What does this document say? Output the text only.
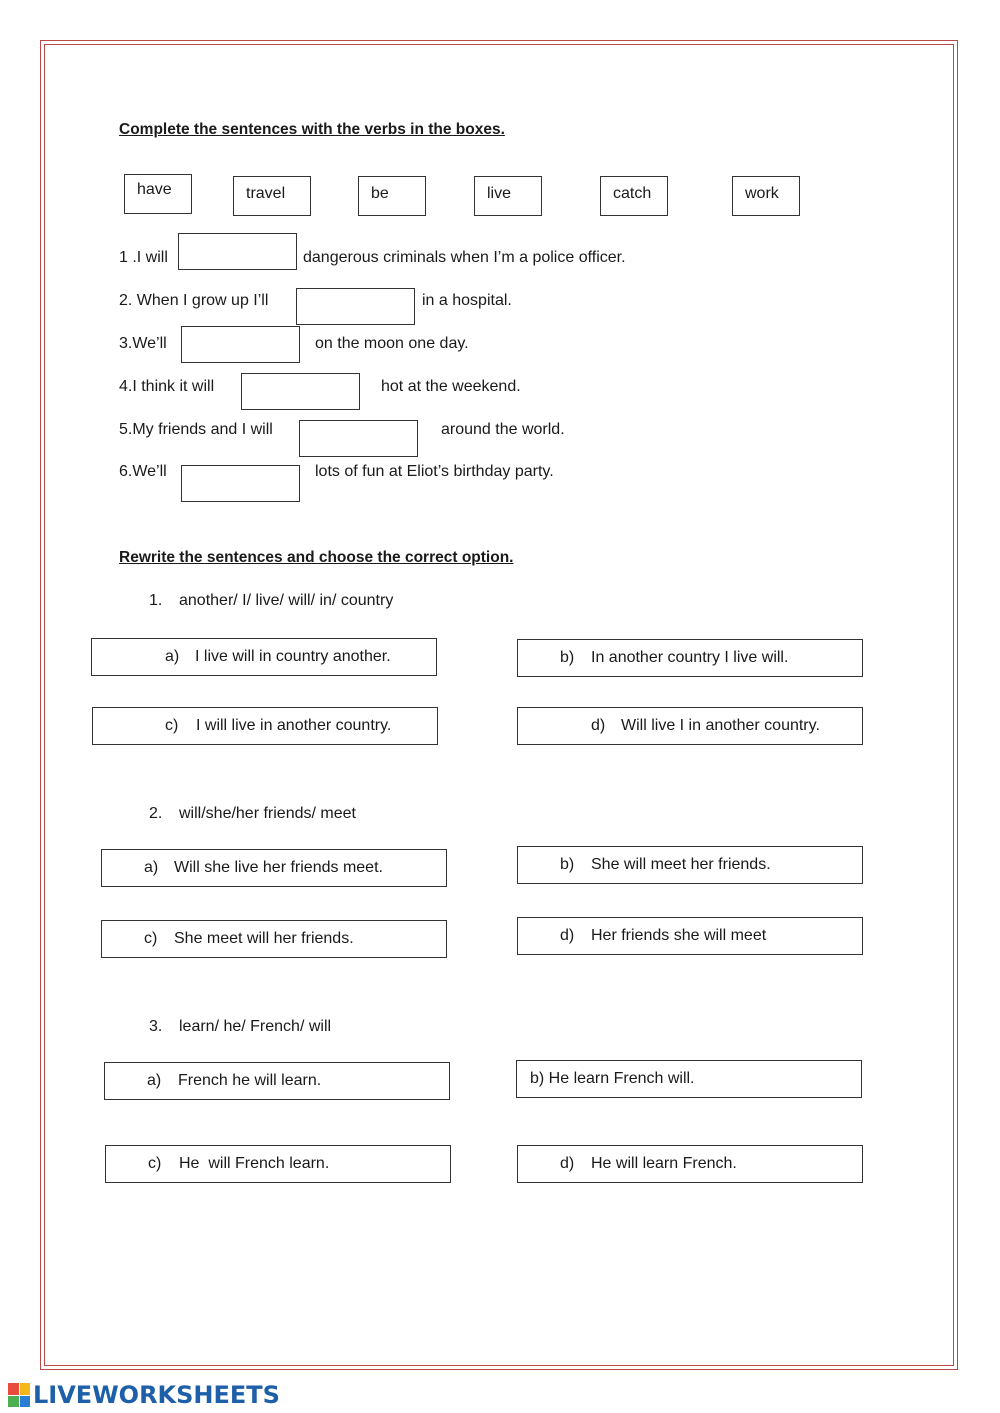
Complete the sentences with the verbs in the boxes.
have	travel	be	live	catch	work
1 .I will	dangerous criminals when I’m a police officer.
2. When I grow up I’ll	in a hospital.
3.We’ll	on the moon one day.
4.I think it will	hot at the weekend.
5.My friends and I will	around the world.
6.We’ll	lots of fun at Eliot’s birthday party.
Rewrite the sentences and choose the correct option.
1. another/ I/ live/ will/ in/ country
a) I live will in country another.	b) In another country I live will.
c) I will live in another country.	d) Will live I in another country.
2. will/she/her friends/ meet
a) Will she live her friends meet.	b) She will meet her friends.
c) She meet will her friends.	d) Her friends she will meet
3. learn/ he/ French/ will
a) French he will learn.	b) He learn French will.
c) He  will French learn.	d) He will learn French.
LIVEWORKSHEETS
